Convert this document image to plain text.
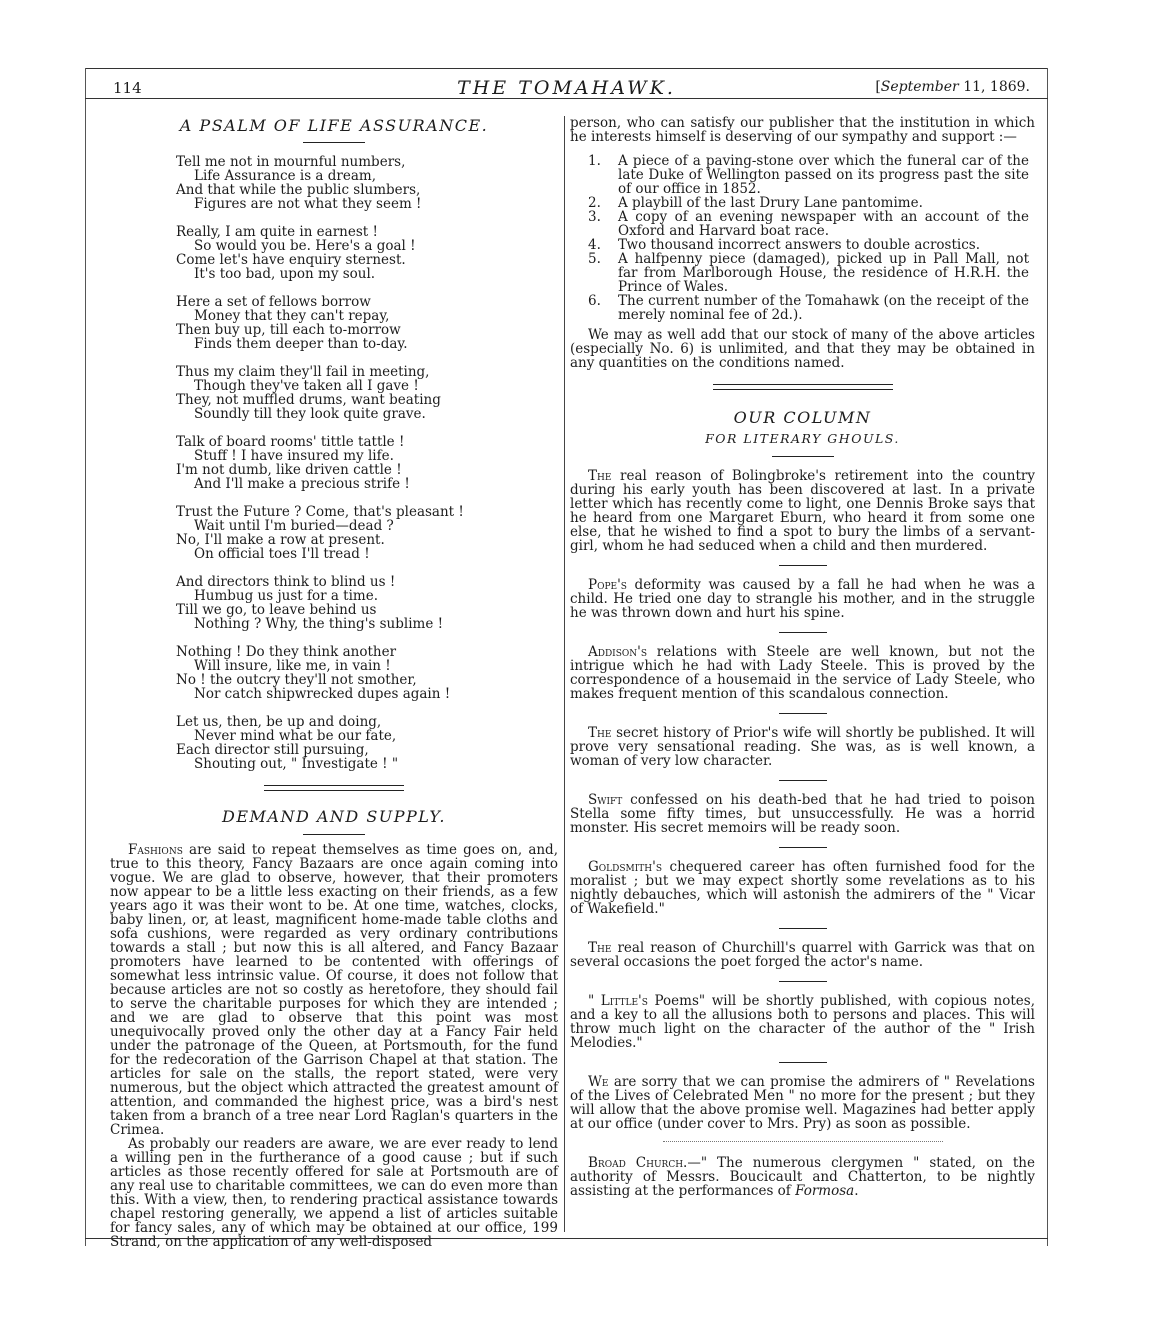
114	THE TOMAHAWK.	[September 11, 1869.
A PSALM OF LIFE ASSURANCE.
Tell me not in mournful numbers,
Life Assurance is a dream,
And that while the public slumbers,
Figures are not what they seem !
Really, I am quite in earnest !
So would you be. Here's a goal !
Come let's have enquiry sternest.
It's too bad, upon my soul.
Here a set of fellows borrow
Money that they can't repay,
Then buy up, till each to-morrow
Finds them deeper than to-day.
Thus my claim they'll fail in meeting,
Though they've taken all I gave !
They, not muffled drums, want beating
Soundly till they look quite grave.
Talk of board rooms' tittle tattle !
Stuff ! I have insured my life.
I'm not dumb, like driven cattle !
And I'll make a precious strife !
Trust the Future ? Come, that's pleasant !
Wait until I'm buried—dead ?
No, I'll make a row at present.
On official toes I'll tread !
And directors think to blind us !
Humbug us just for a time.
Till we go, to leave behind us
Nothing ? Why, the thing's sublime !
Nothing ! Do they think another
Will insure, like me, in vain !
No ! the outcry they'll not smother,
Nor catch shipwrecked dupes again !
Let us, then, be up and doing,
Never mind what be our fate,
Each director still pursuing,
Shouting out, " Investigate ! "
DEMAND AND SUPPLY.

Fashions are said to repeat themselves as time goes on, and, true to this theory, Fancy Bazaars are once again coming into vogue. We are glad to observe, however, that their promoters now appear to be a little less exacting on their friends, as a few years ago it was their wont to be. At one time, watches, clocks, baby linen, or, at least, magnificent home-made table cloths and sofa cushions, were regarded as very ordinary contributions towards a stall ; but now this is all altered, and Fancy Bazaar promoters have learned to be contented with offerings of somewhat less intrinsic value. Of course, it does not follow that because articles are not so costly as heretofore, they should fail to serve the charitable purposes for which they are intended ; and we are glad to observe that this point was most unequivocally proved only the other day at a Fancy Fair held under the patronage of the Queen, at Portsmouth, for the fund for the redecoration of the Garrison Chapel at that station. The articles for sale on the stalls, the report stated, were very numerous, but the object which attracted the greatest amount of attention, and commanded the highest price, was a bird's nest taken from a branch of a tree near Lord Raglan's quarters in the Crimea.

As probably our readers are aware, we are ever ready to lend a willing pen in the furtherance of a good cause ; but if such articles as those recently offered for sale at Portsmouth are of any real use to charitable committees, we can do even more than this. With a view, then, to rendering practical assistance towards chapel restoring generally, we append a list of articles suitable for fancy sales, any of which may be obtained at our office, 199 Strand, on the application of any well-disposed

person, who can satisfy our publisher that the institution in which he interests himself is deserving of our sympathy and support :—

1. A piece of a paving-stone over which the funeral car of the late Duke of Wellington passed on its progress past the site of our office in 1852.
2. A playbill of the last Drury Lane pantomime.
3. A copy of an evening newspaper with an account of the Oxford and Harvard boat race.
4. Two thousand incorrect answers to double acrostics.
5. A halfpenny piece (damaged), picked up in Pall Mall, not far from Marlborough House, the residence of H.R.H. the Prince of Wales.
6. The current number of the Tomahawk (on the receipt of the merely nominal fee of 2d.).

We may as well add that our stock of many of the above articles (especially No. 6) is unlimited, and that they may be obtained in any quantities on the conditions named.

OUR COLUMN
FOR LITERARY GHOULS.

The real reason of Bolingbroke's retirement into the country during his early youth has been discovered at last. In a private letter which has recently come to light, one Dennis Broke says that he heard from one Margaret Eburn, who heard it from some one else, that he wished to find a spot to bury the limbs of a servant-girl, whom he had seduced when a child and then murdered.

Pope's deformity was caused by a fall he had when he was a child. He tried one day to strangle his mother, and in the struggle he was thrown down and hurt his spine.

Addison's relations with Steele are well known, but not the intrigue which he had with Lady Steele. This is proved by the correspondence of a housemaid in the service of Lady Steele, who makes frequent mention of this scandalous connection.

The secret history of Prior's wife will shortly be published. It will prove very sensational reading. She was, as is well known, a woman of very low character.

Swift confessed on his death-bed that he had tried to poison Stella some fifty times, but unsuccessfully. He was a horrid monster. His secret memoirs will be ready soon.

Goldsmith's chequered career has often furnished food for the moralist ; but we may expect shortly some revelations as to his nightly debauches, which will astonish the admirers of the " Vicar of Wakefield."

The real reason of Churchill's quarrel with Garrick was that on several occasions the poet forged the actor's name.

" Little's Poems" will be shortly published, with copious notes, and a key to all the allusions both to persons and places. This will throw much light on the character of the author of the " Irish Melodies."

We are sorry that we can promise the admirers of " Revelations of the Lives of Celebrated Men " no more for the present ; but they will allow that the above promise well. Magazines had better apply at our office (under cover to Mrs. Pry) as soon as possible.

Broad Church.—" The numerous clergymen " stated, on the authority of Messrs. Boucicault and Chatterton, to be nightly assisting at the performances of Formosa.
